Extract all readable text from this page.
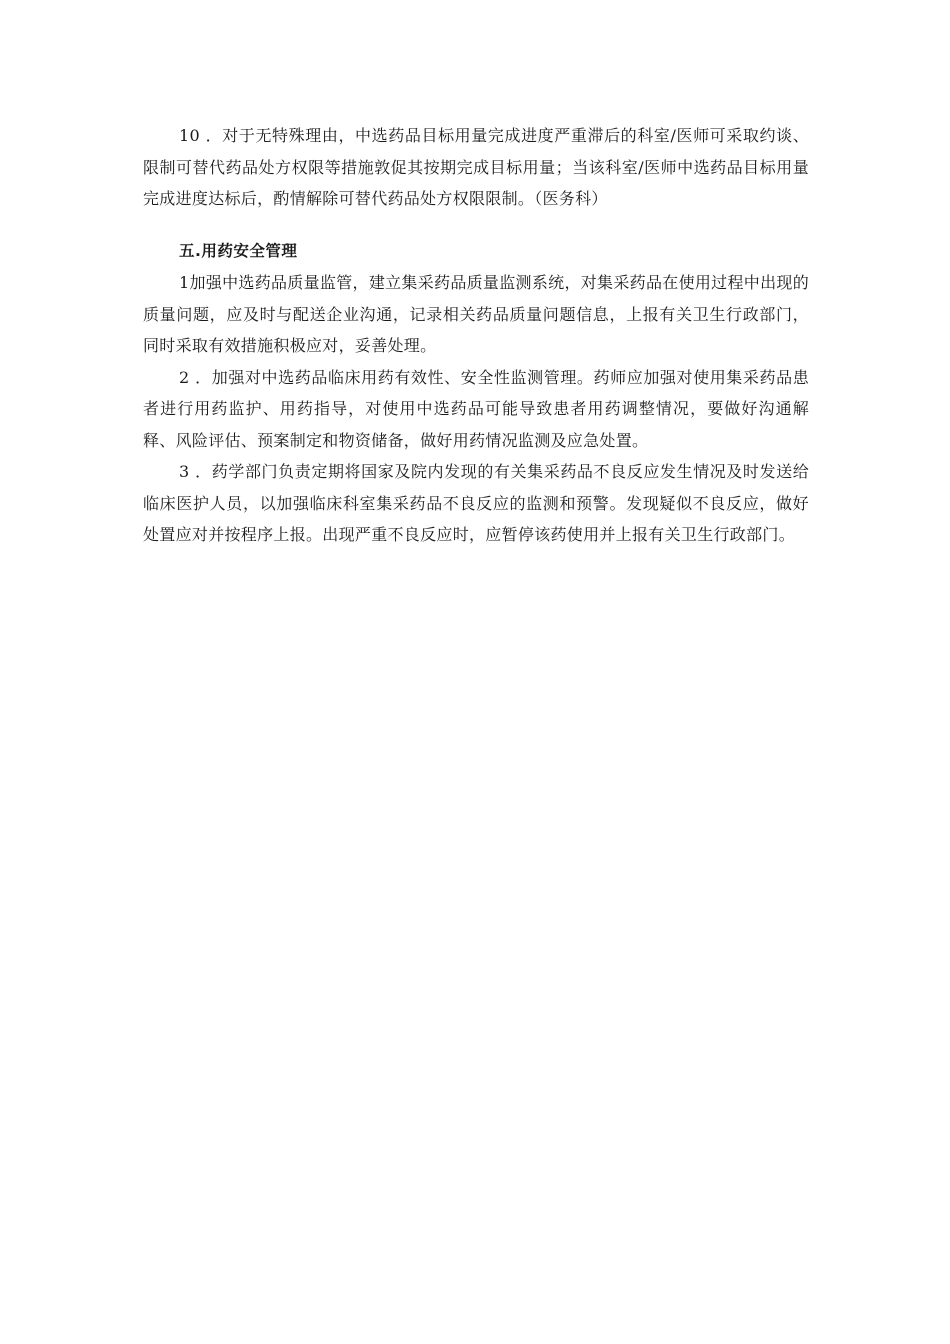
10 ．对于无特殊理由，中选药品目标用量完成进度严重滞后的科室/医师可采取约谈、限制可替代药品处方权限等措施敦促其按期完成目标用量；当该科室/医师中选药品目标用量完成进度达标后，酌情解除可替代药品处方权限限制。（医务科）

五.用药安全管理

1加强中选药品质量监管，建立集采药品质量监测系统，对集采药品在使用过程中出现的质量问题，应及时与配送企业沟通，记录相关药品质量问题信息，上报有关卫生行政部门，同时采取有效措施积极应对，妥善处理。

2 ．加强对中选药品临床用药有效性、安全性监测管理。药师应加强对使用集采药品患者进行用药监护、用药指导，对使用中选药品可能导致患者用药调整情况，要做好沟通解释、风险评估、预案制定和物资储备，做好用药情况监测及应急处置。

3 ．药学部门负责定期将国家及院内发现的有关集采药品不良反应发生情况及时发送给临床医护人员，以加强临床科室集采药品不良反应的监测和预警。发现疑似不良反应，做好处置应对并按程序上报。出现严重不良反应时，应暂停该药使用并上报有关卫生行政部门。
